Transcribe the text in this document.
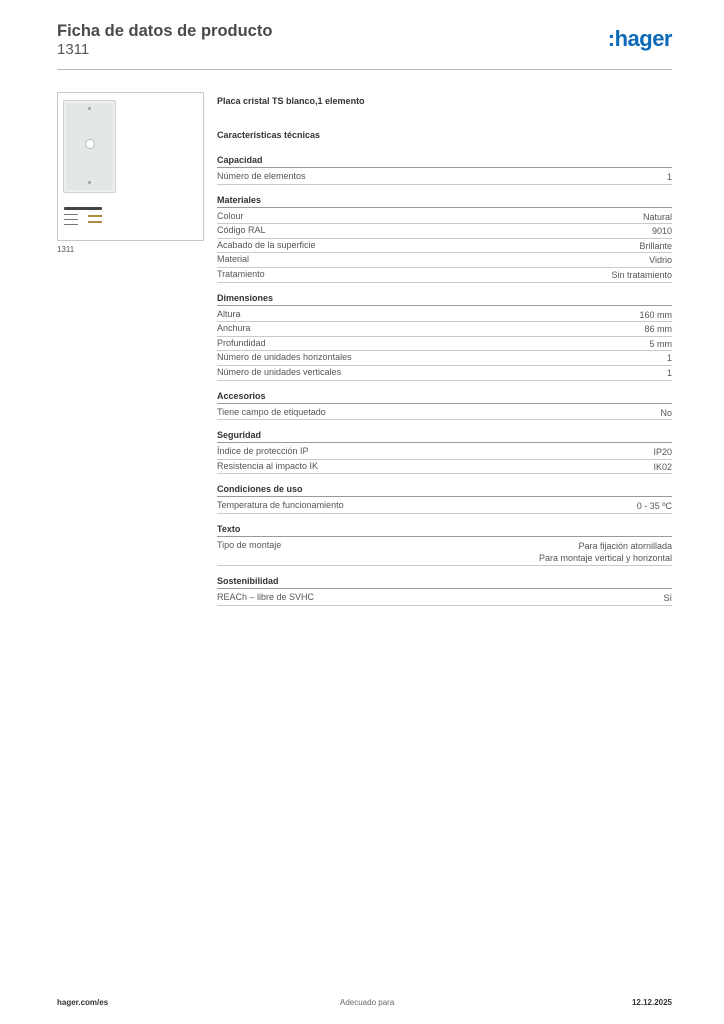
Ficha de datos de producto
1311	:hager
1311
Placa cristal TS blanco,1 elemento
Características técnicas
Capacidad
Número de elementos	1
Materiales
Colour	Natural
Código RAL	9010
Acabado de la superficie	Brillante
Material	Vidrio
Tratamiento	Sin tratamiento
Dimensiones
Altura	160 mm
Anchura	86 mm
Profundidad	5 mm
Número de unidades horizontales	1
Número de unidades verticales	1
Accesorios
Tiene campo de etiquetado	No
Seguridad
Índice de protección IP	IP20
Resistencia al impacto IK	IK02
Condiciones de uso
Temperatura de funcionamiento	0 - 35 ºC
Texto
Tipo de montaje	Para fijación atornillada
Para montaje vertical y horizontal
Sostenibilidad
REACh – libre de SVHC	Sí
hager.com/es	Adecuado para	12.12.2025
